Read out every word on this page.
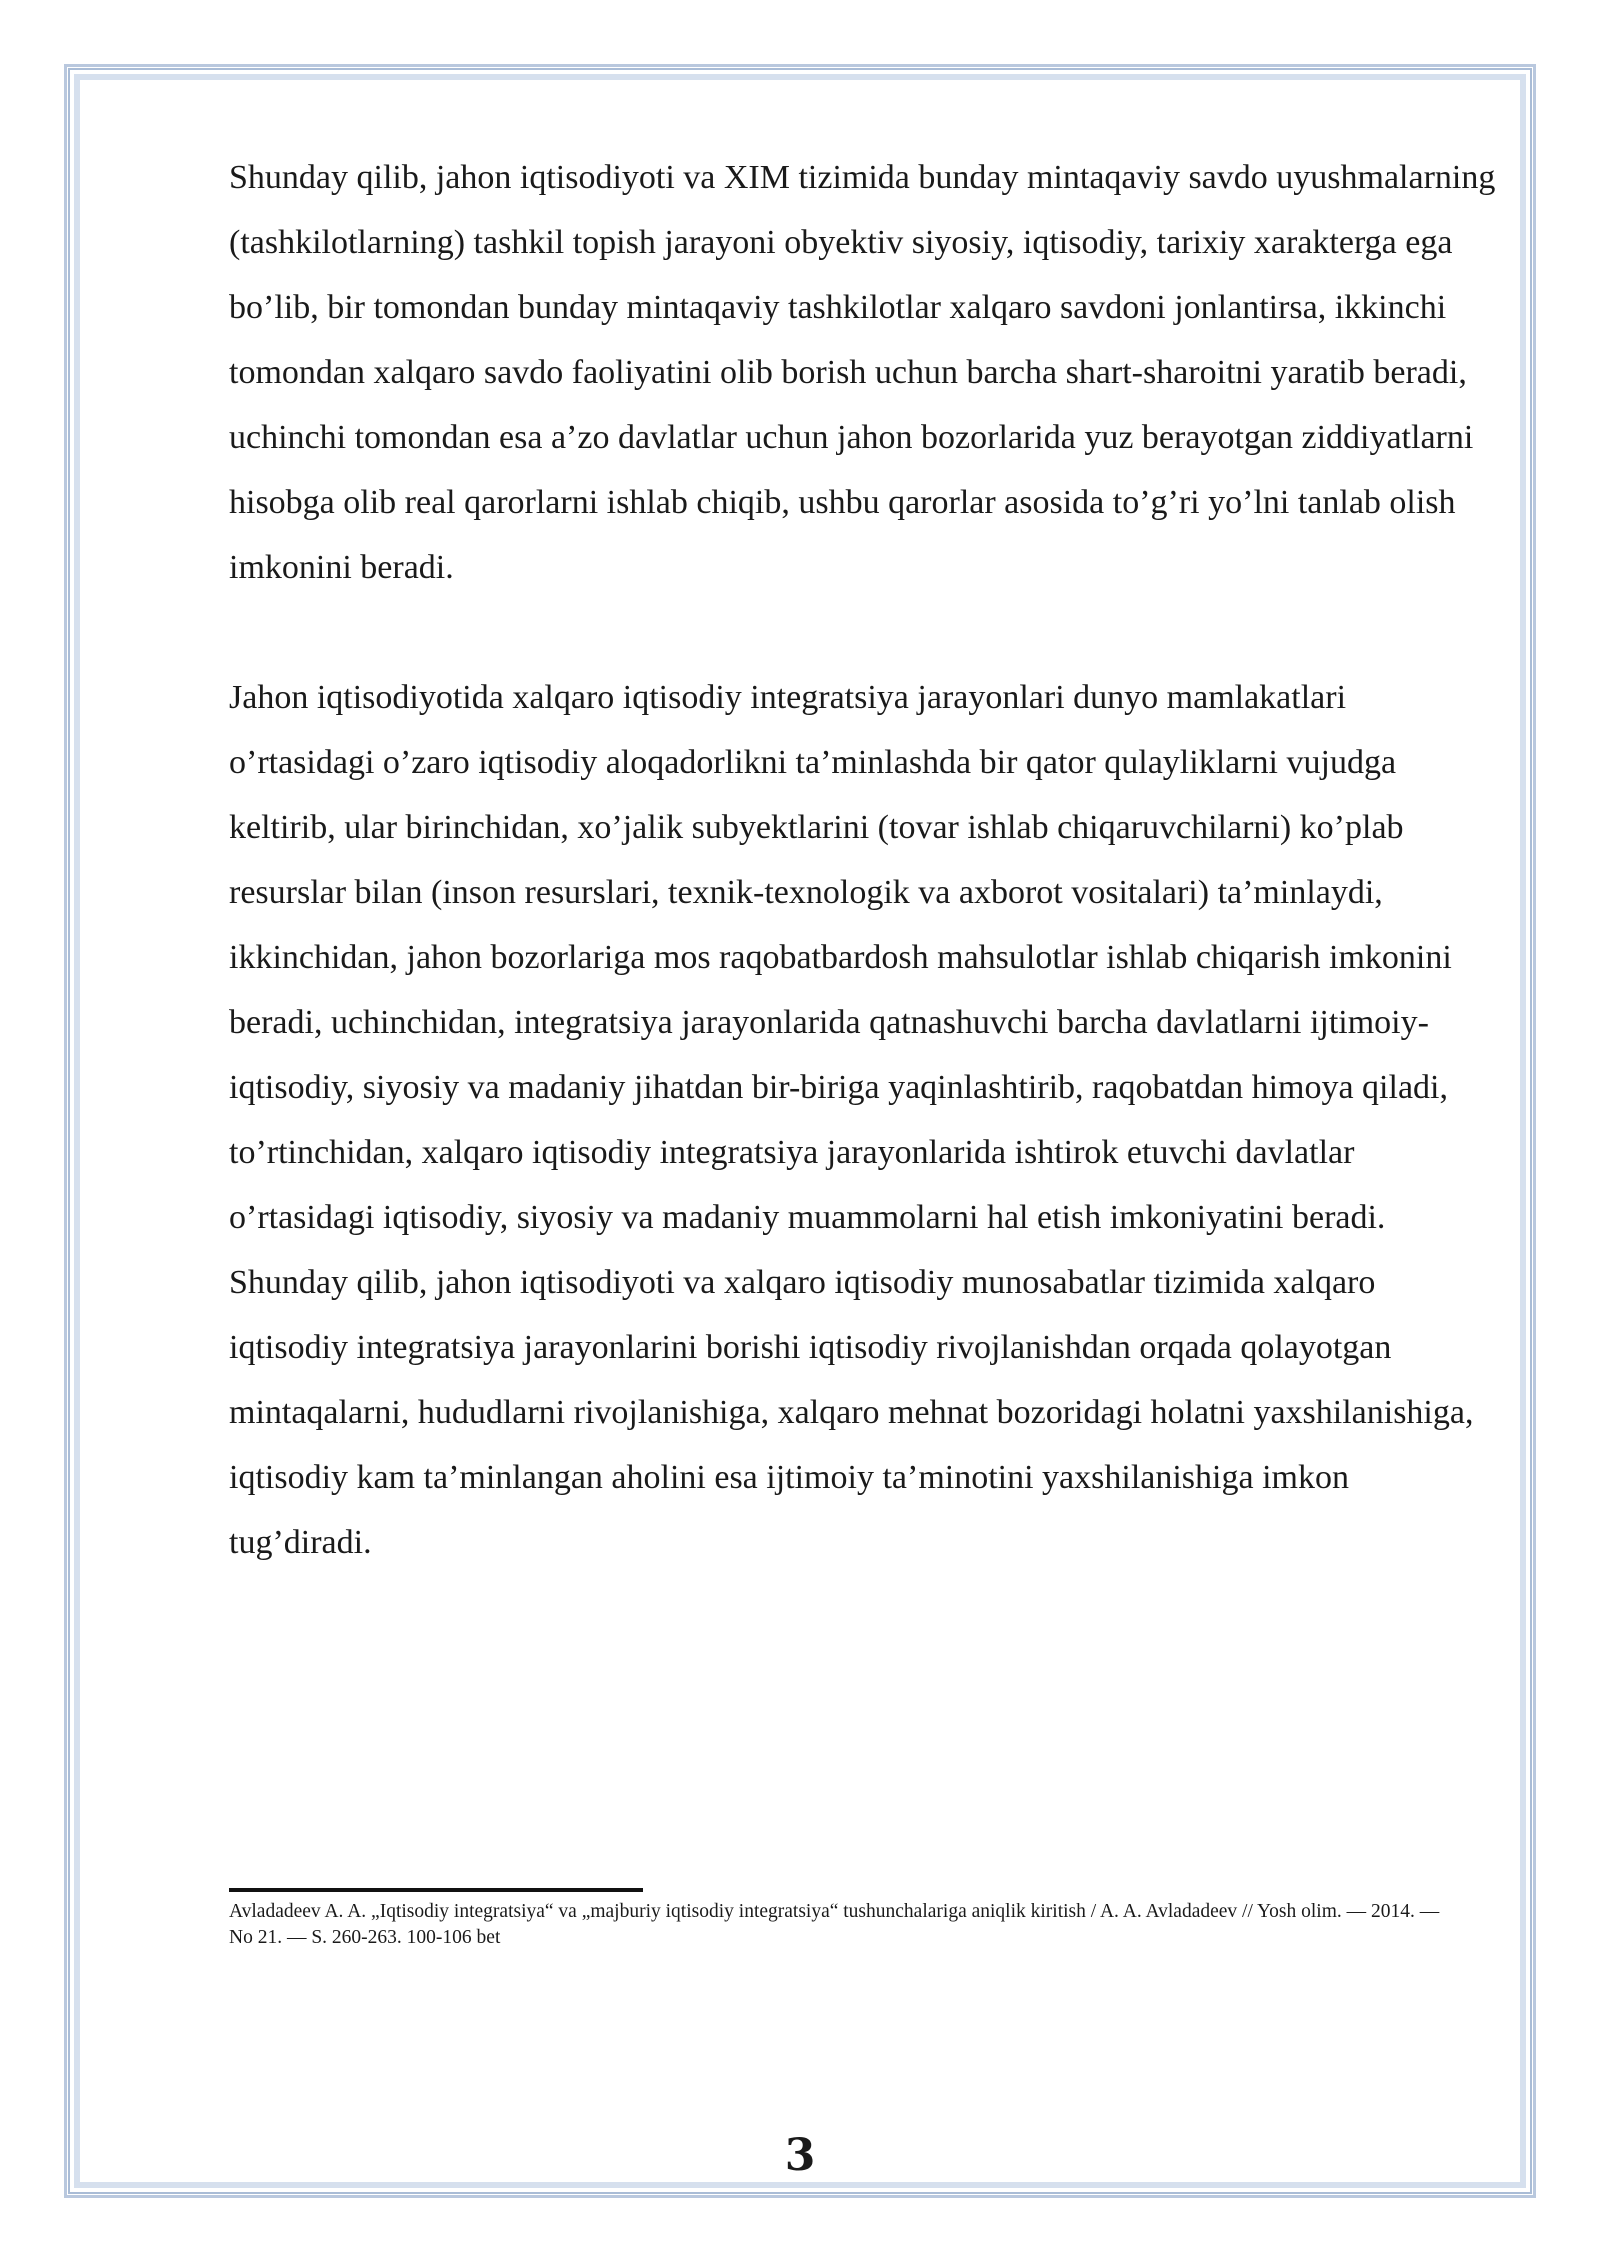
Shunday qilib, jahon iqtisodiyoti va XIM tizimida bunday mintaqaviy savdo uyushmalarning (tashkilotlarning) tashkil topish jarayoni obyektiv siyosiy, iqtisodiy, tarixiy xarakterga ega bo’lib, bir tomondan bunday mintaqaviy tashkilotlar xalqaro savdoni jonlantirsa, ikkinchi tomondan xalqaro savdo faoliyatini olib borish uchun barcha shart-sharoitni yaratib beradi, uchinchi tomondan esa a’zo davlatlar uchun jahon bozorlarida yuz berayotgan ziddiyatlarni hisobga olib real qarorlarni ishlab chiqib, ushbu qarorlar asosida to’g’ri yo’lni tanlab olish imkonini beradi.

Jahon iqtisodiyotida xalqaro iqtisodiy integratsiya jarayonlari dunyo mamlakatlari o’rtasidagi o’zaro iqtisodiy aloqadorlikni ta’minlashda bir qator qulayliklarni vujudga keltirib, ular birinchidan, xo’jalik subyektlarini (tovar ishlab chiqaruvchilarni) ko’plab resurslar bilan (inson resurslari, texnik-texnologik va axborot vositalari) ta’minlaydi, ikkinchidan, jahon bozorlariga mos raqobatbardosh mahsulotlar ishlab chiqarish imkonini beradi, uchinchidan, integratsiya jarayonlarida qatnashuvchi barcha davlatlarni ijtimoiy-iqtisodiy, siyosiy va madaniy jihatdan bir-biriga yaqinlashtirib, raqobatdan himoya qiladi, to’rtinchidan, xalqaro iqtisodiy integratsiya jarayonlarida ishtirok etuvchi davlatlar o’rtasidagi iqtisodiy, siyosiy va madaniy muammolarni hal etish imkoniyatini beradi. Shunday qilib, jahon iqtisodiyoti va xalqaro iqtisodiy munosabatlar tizimida xalqaro iqtisodiy integratsiya jarayonlarini borishi iqtisodiy rivojlanishdan orqada qolayotgan mintaqalarni, hududlarni rivojlanishiga, xalqaro mehnat bozoridagi holatni yaxshilanishiga, iqtisodiy kam ta’minlangan aholini esa ijtimoiy ta’minotini yaxshilanishiga imkon tug’diradi.

Avladadeev A. A. „Iqtisodiy integratsiya“ va „majburiy iqtisodiy integratsiya“ tushunchalariga aniqlik kiritish / A. A. Avladadeev // Yosh olim. — 2014. — No 21. — S. 260-263. 100-106 bet

3
